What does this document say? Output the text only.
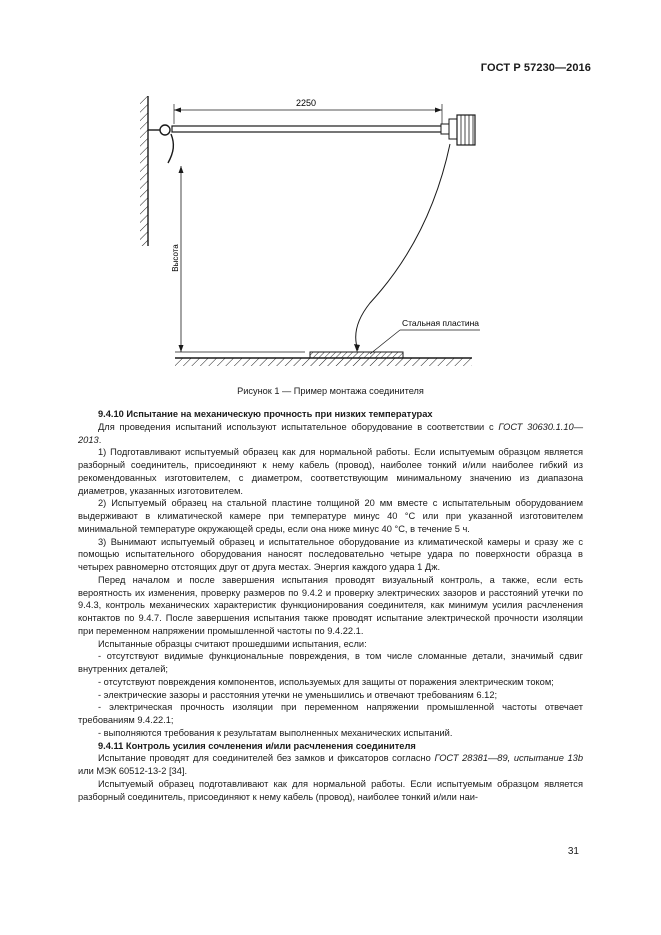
ГОСТ Р 57230—2016
2250
Высота
Стальная пластина
Рисунок 1 — Пример монтажа соединителя

9.4.10 Испытание на механическую прочность при низких температурах

Для проведения испытаний используют испытательное оборудование в соответствии с ГОСТ 30630.1.10—2013.

1) Подготавливают испытуемый образец как для нормальной работы. Если испытуемым образцом является разборный соединитель, присоединяют к нему кабель (провод), наиболее тонкий и/или наиболее гибкий из рекомендованных изготовителем, с диаметром, соответствующим минимальному значению из диапазона диаметров, указанных изготовителем.

2) Испытуемый образец на стальной пластине толщиной 20 мм вместе с испытательным оборудованием выдерживают в климатической камере при температуре минус 40 °С или при указанной изготовителем минимальной температуре окружающей среды, если она ниже минус 40 °С, в течение 5 ч.

3) Вынимают испытуемый образец и испытательное оборудование из климатической камеры и сразу же с помощью испытательного оборудования наносят последовательно четыре удара по поверхности образца в четырех равномерно отстоящих друг от друга местах. Энергия каждого удара 1 Дж.

Перед началом и после завершения испытания проводят визуальный контроль, а также, если есть вероятность их изменения, проверку размеров по 9.4.2 и проверку электрических зазоров и расстояний утечки по 9.4.3, контроль механических характеристик функционирования соединителя, как минимум усилия расчленения контактов по 9.4.7. После завершения испытания также проводят испытание электрической прочности изоляции при переменном напряжении промышленной частоты по 9.4.22.1.

Испытанные образцы считают прошедшими испытания, если:

- отсутствуют видимые функциональные повреждения, в том числе сломанные детали, значимый сдвиг внутренних деталей;

- отсутствуют повреждения компонентов, используемых для защиты от поражения электрическим током;

- электрические зазоры и расстояния утечки не уменьшились и отвечают требованиям 6.12;

- электрическая прочность изоляции при переменном напряжении промышленной частоты отвечает требованиям 9.4.22.1;

- выполняются требования к результатам выполненных механических испытаний.

9.4.11 Контроль усилия сочленения и/или расчленения соединителя

Испытание проводят для соединителей без замков и фиксаторов согласно ГОСТ 28381—89, испытание 13b или МЭК 60512-13-2 [34].

Испытуемый образец подготавливают как для нормальной работы. Если испытуемым образцом является разборный соединитель, присоединяют к нему кабель (провод), наиболее тонкий и/или наи-

31
